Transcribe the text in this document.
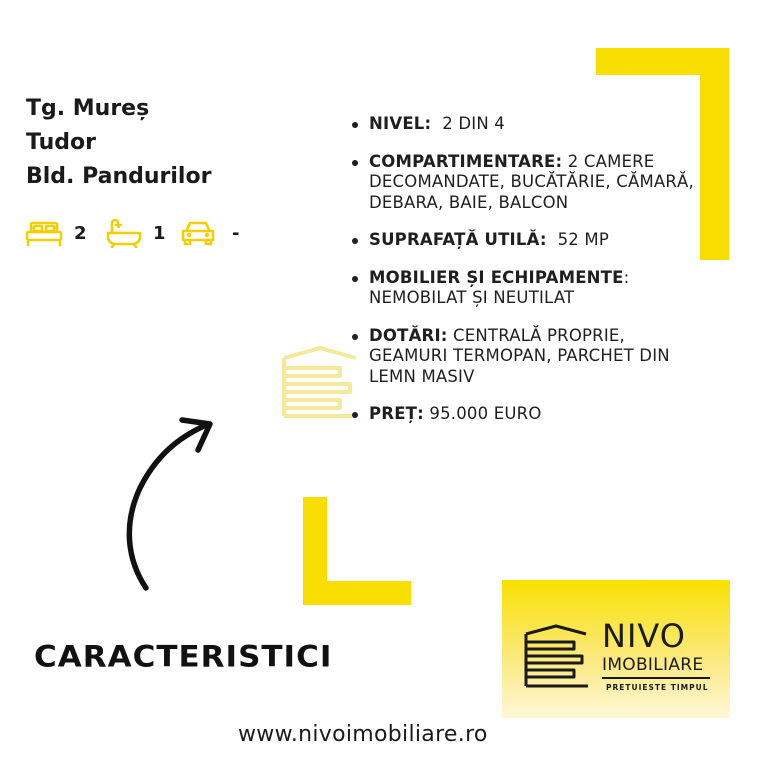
Tg. Mureș
Tudor
Bld. Pandurilor
2	1	-
NIVEL: 2 DIN 4
COMPARTIMENTARE: 2 CAMERE DECOMANDATE, BUCĂTĂRIE, CĂMARĂ, DEBARA, BAIE, BALCON
SUPRAFAȚĂ UTILĂ: 52 MP
MOBILIER ȘI ECHIPAMENTE: NEMOBILAT ȘI NEUTILAT
DOTĂRI: CENTRALĂ PROPRIE, GEAMURI TERMOPAN, PARCHET DIN LEMN MASIV
PREȚ: 95.000 EURO
CARACTERISTICI
NIVO
IMOBILIARE
PRETUIESTE TIMPUL
www.nivoimobiliare.ro
